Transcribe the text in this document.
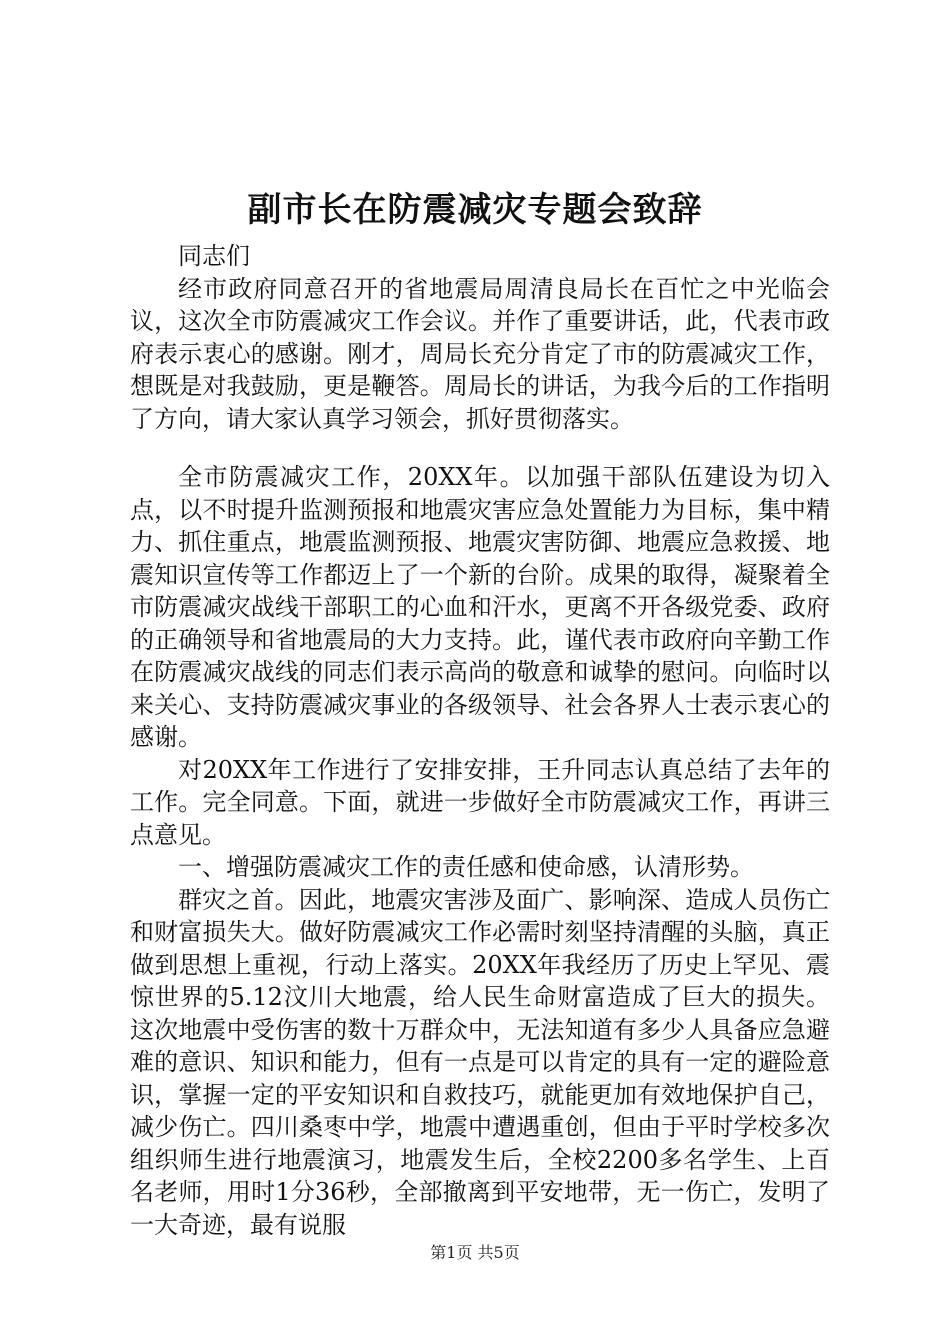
副市长在防震减灾专题会致辞

同志们

经市政府同意召开的省地震局周清良局长在百忙之中光临会议，这次全市防震减灾工作会议。并作了重要讲话，此，代表市政府表示衷心的感谢。刚才，周局长充分肯定了市的防震减灾工作，想既是对我鼓励，更是鞭答。周局长的讲话，为我今后的工作指明了方向，请大家认真学习领会，抓好贯彻落实。

全市防震减灾工作，20XX年。以加强干部队伍建设为切入点，以不时提升监测预报和地震灾害应急处置能力为目标，集中精力、抓住重点，地震监测预报、地震灾害防御、地震应急救援、地震知识宣传等工作都迈上了一个新的台阶。成果的取得，凝聚着全市防震减灾战线干部职工的心血和汗水，更离不开各级党委、政府的正确领导和省地震局的大力支持。此，谨代表市政府向辛勤工作在防震减灾战线的同志们表示高尚的敬意和诚挚的慰问。向临时以来关心、支持防震减灾事业的各级领导、社会各界人士表示衷心的感谢。

对20XX年工作进行了安排安排，王升同志认真总结了去年的工作。完全同意。下面，就进一步做好全市防震减灾工作，再讲三点意见。

一、增强防震减灾工作的责任感和使命感，认清形势。

群灾之首。因此，地震灾害涉及面广、影响深、造成人员伤亡和财富损失大。做好防震减灾工作必需时刻坚持清醒的头脑，真正做到思想上重视，行动上落实。20XX年我经历了历史上罕见、震惊世界的5.12汶川大地震，给人民生命财富造成了巨大的损失。这次地震中受伤害的数十万群众中，无法知道有多少人具备应急避难的意识、知识和能力，但有一点是可以肯定的具有一定的避险意识，掌握一定的平安知识和自救技巧，就能更加有效地保护自己，减少伤亡。四川桑枣中学，地震中遭遇重创，但由于平时学校多次组织师生进行地震演习，地震发生后，全校2200多名学生、上百名老师，用时1分36秒，全部撤离到平安地带，无一伤亡，发明了一大奇迹，最有说服

第1页 共5页
